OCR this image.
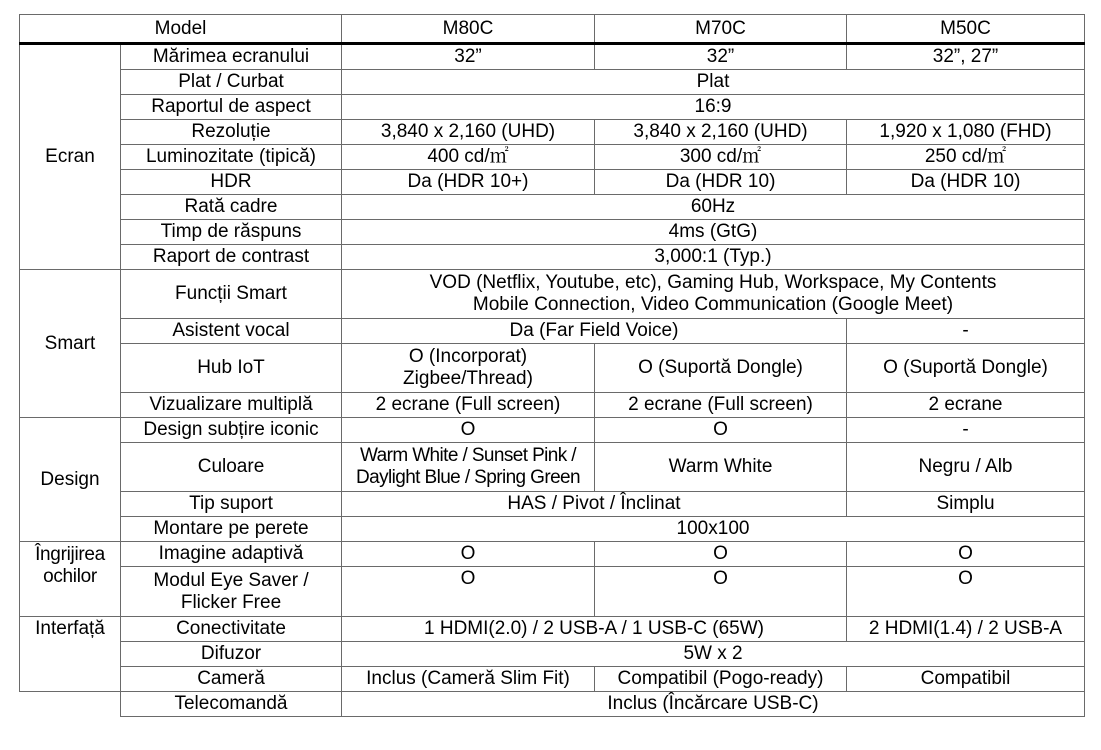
Model		M80C	M70C	M50C
Ecran	Mărimea ecranului	32”	32”	32”, 27”
	Plat / Curbat	Plat		
	Raportul de aspect	16:9		
	Rezoluție	3,840 x 2,160 (UHD)	3,840 x 2,160 (UHD)	1,920 x 1,080 (FHD)
	Luminozitate (tipică)	400 cd/㎡	300 cd/㎡	250 cd/㎡
	HDR	Da (HDR 10+)	Da (HDR 10)	Da (HDR 10)
	Rată cadre	60Hz		
	Timp de răspuns	4ms (GtG)		
	Raport de contrast	3,000:1 (Typ.)		
Smart	Funcții Smart	VOD (Netflix, Youtube, etc), Gaming Hub, Workspace, My Contents
Mobile Connection, Video Communication (Google Meet)		

	Asistent vocal	Da (Far Field Voice)		-
	Hub IoT	O (Incorporat)
Zigbee/Thread)	O (Suportă Dongle)	O (Suportă Dongle)
	Vizualizare multiplă	2 ecrane (Full screen)	2 ecrane (Full screen)	2 ecrane
Design	Design subțire iconic	O	O	-
	Culoare	Warm White / Sunset Pink /
Daylight Blue / Spring Green	Warm White	Negru / Alb
	Tip suport	HAS / Pivot / Înclinat		Simplu
	Montare pe perete	100x100		
Îngrijirea ochilor	Imagine adaptivă	O	O	O

	Modul Eye Saver /
Flicker Free	O	O	O
Interfață	Conectivitate	1 HDMI(2.0) / 2 USB-A / 1 USB-C (65W)		2 HDMI(1.4) / 2 USB-A
	Difuzor	5W x 2		
	Cameră	Inclus (Cameră Slim Fit)	Compatibil (Pogo-ready)	Compatibil
	Telecomandă	Inclus (Încărcare USB-C)		
